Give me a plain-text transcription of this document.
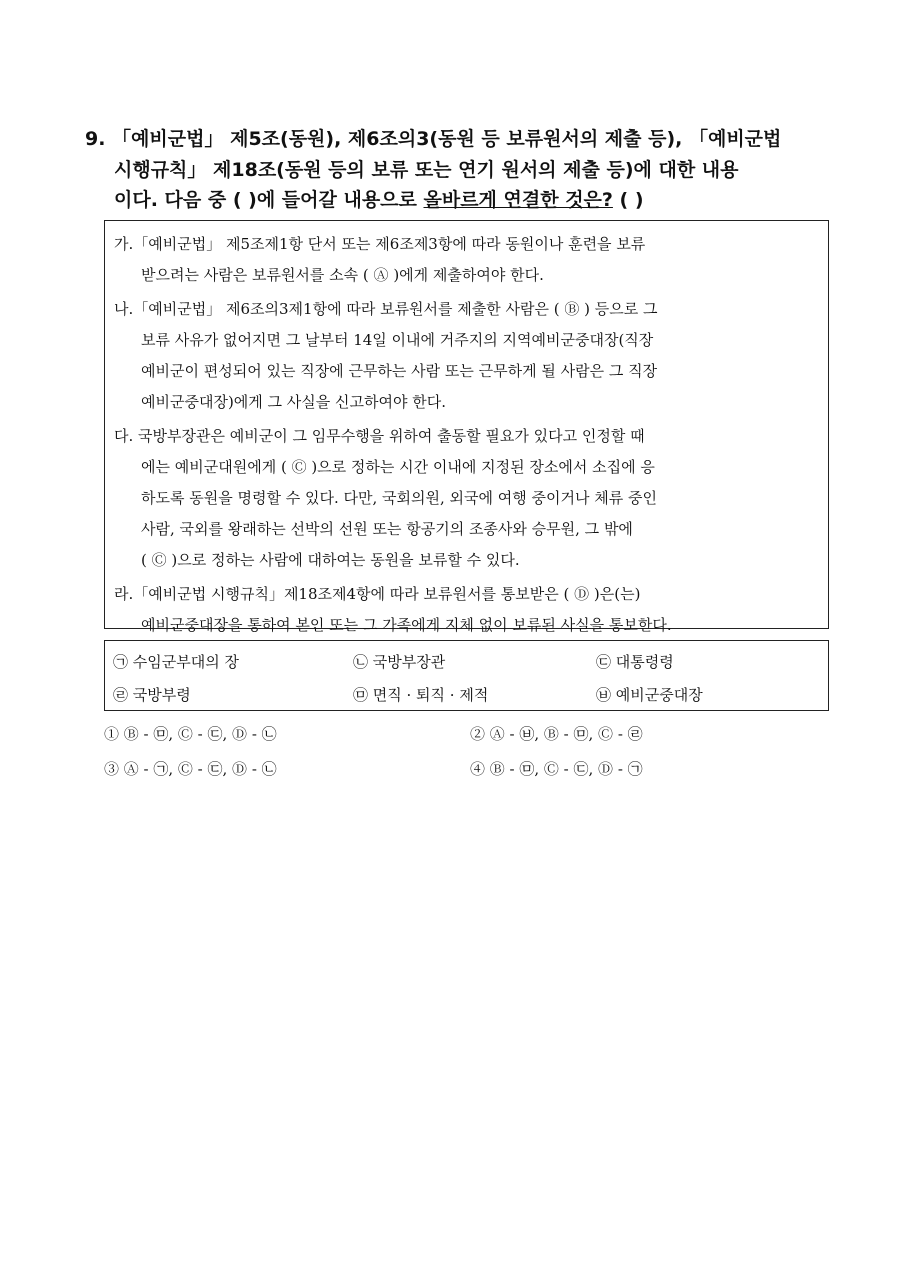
9. 「예비군법」 제5조(동원), 제6조의3(동원 등 보류원서의 제출 등), 「예비군법
시행규칙」 제18조(동원 등의 보류 또는 연기 원서의 제출 등)에 대한 내용
이다. 다음 중 ( )에 들어갈 내용으로 올바르게 연결한 것은? ( )
가.「예비군법」 제5조제1항 단서 또는 제6조제3항에 따라 동원이나 훈련을 보류
받으려는 사람은 보류원서를 소속 ( Ⓐ )에게 제출하여야 한다.
나.「예비군법」 제6조의3제1항에 따라 보류원서를 제출한 사람은 ( Ⓑ ) 등으로 그
보류 사유가 없어지면 그 날부터 14일 이내에 거주지의 지역예비군중대장(직장
예비군이 편성되어 있는 직장에 근무하는 사람 또는 근무하게 될 사람은 그 직장
예비군중대장)에게 그 사실을 신고하여야 한다.
다. 국방부장관은 예비군이 그 임무수행을 위하여 출동할 필요가 있다고 인정할 때
에는 예비군대원에게 ( Ⓒ )으로 정하는 시간 이내에 지정된 장소에서 소집에 응
하도록 동원을 명령할 수 있다. 다만, 국회의원, 외국에 여행 중이거나 체류 중인
사람, 국외를 왕래하는 선박의 선원 또는 항공기의 조종사와 승무원, 그 밖에
( Ⓒ )으로 정하는 사람에 대하여는 동원을 보류할 수 있다.
라.「예비군법 시행규칙」제18조제4항에 따라 보류원서를 통보받은 ( Ⓓ )은(는)
예비군중대장을 통하여 본인 또는 그 가족에게 지체 없이 보류된 사실을 통보한다.
㉠ 수임군부대의 장	㉡ 국방부장관	㉢ 대통령령
㉣ 국방부령	㉤ 면직 · 퇴직 · 제적	㉥ 예비군중대장
① Ⓑ - ㉤, Ⓒ - ㉢, Ⓓ - ㉡	② Ⓐ - ㉥, Ⓑ - ㉤, Ⓒ - ㉣
③ Ⓐ - ㉠, Ⓒ - ㉢, Ⓓ - ㉡	④ Ⓑ - ㉤, Ⓒ - ㉢, Ⓓ - ㉠
